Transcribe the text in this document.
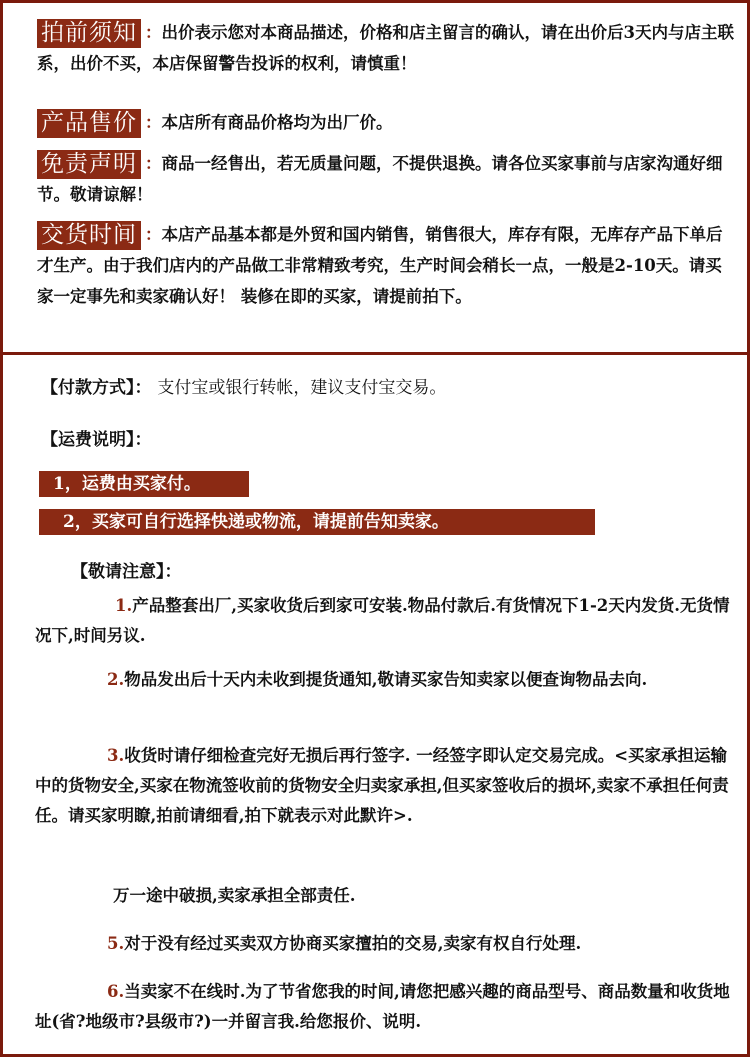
拍前须知 ：出价表示您对本商品描述，价格和店主留言的确认，请在出价后3天内与店主联系，出价不买，本店保留警告投诉的权利，请慎重！
产品售价 ：本店所有商品价格均为出厂价。
免责声明 ：商品一经售出，若无质量问题，不提供退换。请各位买家事前与店家沟通好细节。敬请谅解！
交货时间 ：本店产品基本都是外贸和国内销售，销售很大，库存有限，无库存产品下单后才生产。由于我们店内的产品做工非常精致考究，生产时间会稍长一点，一般是2-10天。请买家一定事先和卖家确认好！ 装修在即的买家，请提前拍下。
【付款方式】： 支付宝或银行转帐，建议支付宝交易。
【运费说明】：
1，运费由买家付。
2，买家可自行选择快递或物流，请提前告知卖家。
【敬请注意】：
1.产品整套出厂,买家收货后到家可安装.物品付款后.有货情况下1-2天内发货.无货情况下,时间另议.
2.物品发出后十天内未收到提货通知,敬请买家告知卖家以便查询物品去向.
3.收货时请仔细检查完好无损后再行签字. 一经签字即认定交易完成。<买家承担运输中的货物安全,买家在物流签收前的货物安全归卖家承担,但买家签收后的损坏,卖家不承担任何责任。请买家明瞭,拍前请细看,拍下就表示对此默许>.
万一途中破损,卖家承担全部责任.
5.对于没有经过买卖双方协商买家擅拍的交易,卖家有权自行处理.
6.当卖家不在线时.为了节省您我的时间,请您把感兴趣的商品型号、商品数量和收货地址(省?地级市?县级市?)一并留言我.给您报价、说明.
